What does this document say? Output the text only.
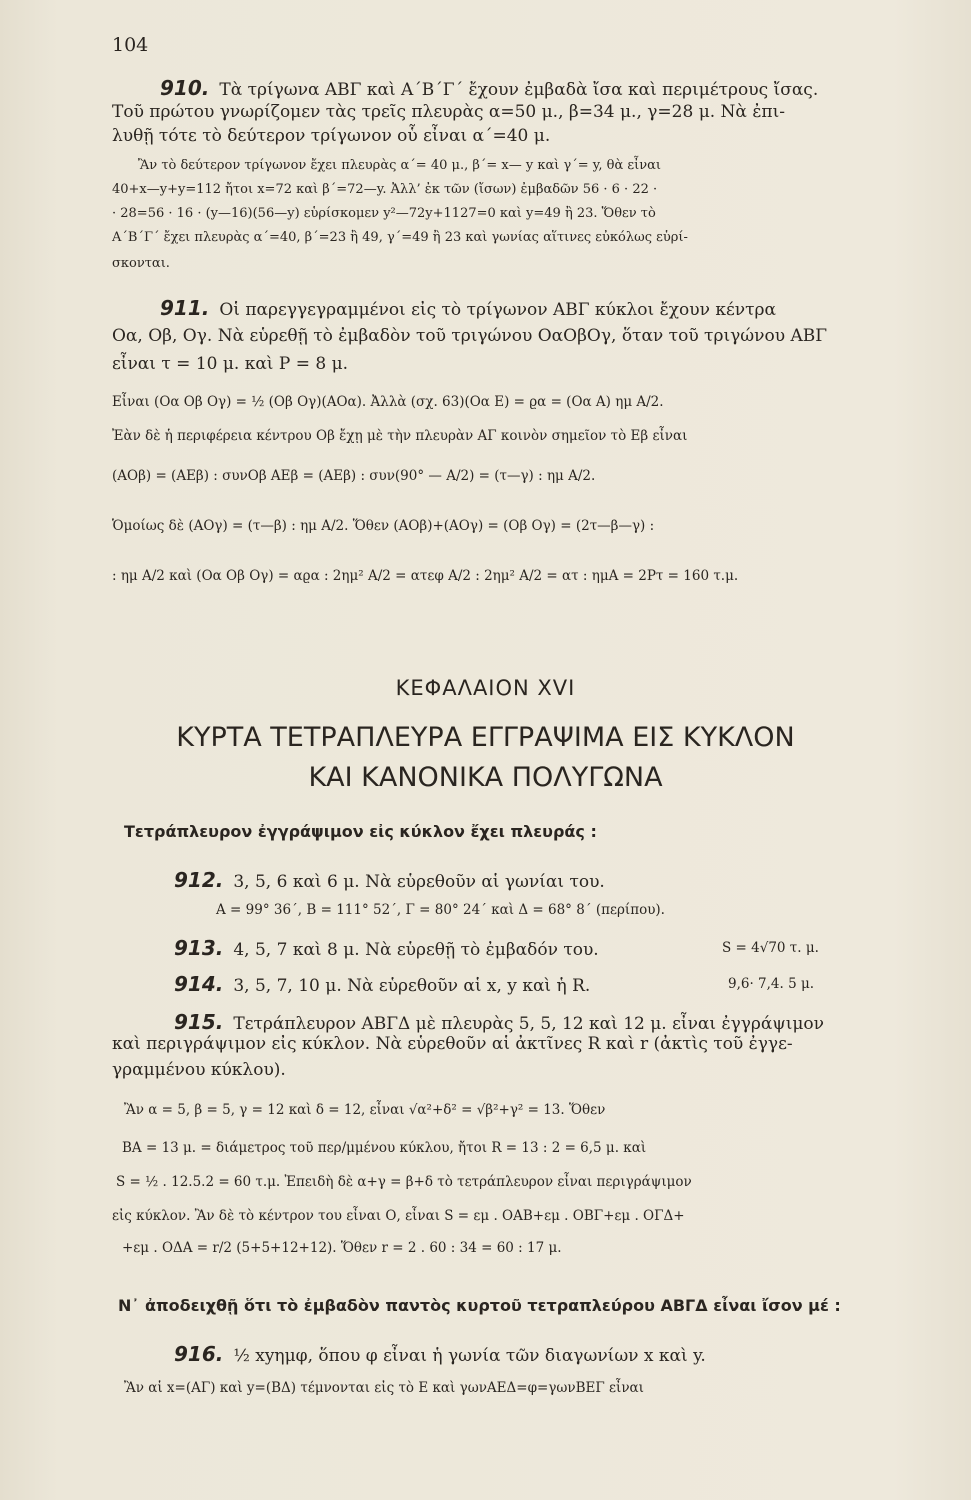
104
910. Τὰ τρίγωνα ΑΒΓ καὶ Α΄Β΄Γ΄ ἔχουν ἐμβαδὰ ἴσα καὶ περιμέτρους ἴσας.
Τοῦ πρώτου γνωρίζομεν τὰς τρεῖς πλευρὰς α=50 μ., β=34 μ., γ=28 μ. Νὰ ἐπι-
λυθῇ τότε τὸ δεύτερον τρίγωνον οὗ εἶναι α΄=40 μ.
Ἂν τὸ δεύτερον τρίγωνον ἔχει πλευρὰς α΄= 40 μ., β΄= x— y καὶ γ΄= y, θὰ εἶναι
40+x—y+y=112 ἤτοι x=72 καὶ β΄=72—y. Ἀλλ’ ἐκ τῶν (ἴσων) ἐμβαδῶν 56 · 6 · 22 ·
· 28=56 · 16 · (y—16)(56—y) εὑρίσκομεν y²—72y+1127=0 καὶ y=49 ἢ 23. Ὅθεν τὸ
Α΄Β΄Γ΄ ἔχει πλευρὰς α΄=40, β΄=23 ἢ 49, γ΄=49 ἢ 23 καὶ γωνίας αἵτινες εὐκόλως εὑρί-
σκονται.
911. Οἱ παρεγγεγραμμένοι εἰς τὸ τρίγωνον ΑΒΓ κύκλοι ἔχουν κέντρα
Οα, Οβ, Ογ. Νὰ εὑρεθῇ τὸ ἐμβαδὸν τοῦ τριγώνου ΟαΟβΟγ, ὅταν τοῦ τριγώνου ΑΒΓ
εἶναι τ = 10 μ. καὶ Ρ = 8 μ.
Εἶναι (Οα Οβ Ογ) = ½ (Οβ Ογ)(ΑΟα). Ἀλλὰ (σχ. 63)(Οα Ε) = ϱα = (Οα Α) ημ Α/2.
Ἐὰν δὲ ἡ περιφέρεια κέντρου Οβ ἔχῃ μὲ τὴν πλευρὰν ΑΓ κοινὸν σημεῖον τὸ Εβ εἶναι
(ΑΟβ) = (ΑΕβ) : συνΟβ ΑΕβ = (ΑΕβ) : συν(90° — Α/2) = (τ—γ) : ημ Α/2.
Ὁμοίως δὲ (ΑΟγ) = (τ—β) : ημ Α/2. Ὅθεν (ΑΟβ)+(ΑΟγ) = (Οβ Ογ) = (2τ—β—γ) :
: ημ Α/2 καὶ (Οα Οβ Ογ) = αϱα : 2ημ² Α/2 = ατεφ Α/2 : 2ημ² Α/2 = ατ : ημΑ = 2Ρτ = 160 τ.μ.
ΚΕΦΑΛΑΙΟΝ XVI
ΚΥΡΤΑ ΤΕΤΡΑΠΛΕΥΡΑ ΕΓΓΡΑΨΙΜΑ ΕΙΣ ΚΥΚΛΟΝ
ΚΑΙ ΚΑΝΟΝΙΚΑ ΠΟΛΥΓΩΝΑ
Τετράπλευρον ἐγγράψιμον εἰς κύκλον ἔχει πλευράς :
912. 3, 5, 6 καὶ 6 μ. Νὰ εὑρεθοῦν αἱ γωνίαι του.
Α = 99° 36΄, Β = 111° 52΄, Γ = 80° 24΄ καὶ Δ = 68° 8΄ (περίπου).
913. 4, 5, 7 καὶ 8 μ. Νὰ εὑρεθῇ τὸ ἐμβαδόν του.	S = 4√70 τ. μ.
914. 3, 5, 7, 10 μ. Νὰ εὑρεθοῦν αἱ x, y καὶ ἡ R.	9,6· 7,4. 5 μ.
915. Τετράπλευρον ΑΒΓΔ μὲ πλευρὰς 5, 5, 12 καὶ 12 μ. εἶναι ἐγγράψιμον
καὶ περιγράψιμον εἰς κύκλον. Νὰ εὑρεθοῦν αἱ ἀκτῖνες R καὶ r (ἀκτὶς τοῦ ἐγγε-
γραμμένου κύκλου).
Ἂν α = 5, β = 5, γ = 12 καὶ δ = 12, εἶναι √α²+δ² = √β²+γ² = 13. Ὅθεν
ΒΑ = 13 μ. = διάμετρος τοῦ περ/μμένου κύκλου, ἤτοι R = 13 : 2 = 6,5 μ. καὶ
S = ½ . 12.5.2 = 60 τ.μ. Ἐπειδὴ δὲ α+γ = β+δ τὸ τετράπλευρον εἶναι περιγράψιμον
εἰς κύκλον. Ἂν δὲ τὸ κέντρον του εἶναι Ο, εἶναι S = εμ . ΟΑΒ+εμ . ΟΒΓ+εμ . ΟΓΔ+
+εμ . ΟΔΑ = r/2 (5+5+12+12). Ὅθεν r = 2 . 60 : 34 = 60 : 17 μ.
Ν᾽ ἀποδειχθῇ ὅτι τὸ ἐμβαδὸν παντὸς κυρτοῦ τετραπλεύρου ΑΒΓΔ εἶναι ἴσον μέ :
916. ½ xyημφ, ὅπου φ εἶναι ἡ γωνία τῶν διαγωνίων x καὶ y.
Ἂν αἱ x=(ΑΓ) καὶ y=(ΒΔ) τέμνονται εἰς τὸ Ε καὶ γωνΑΕΔ=φ=γωνΒΕΓ εἶναι
